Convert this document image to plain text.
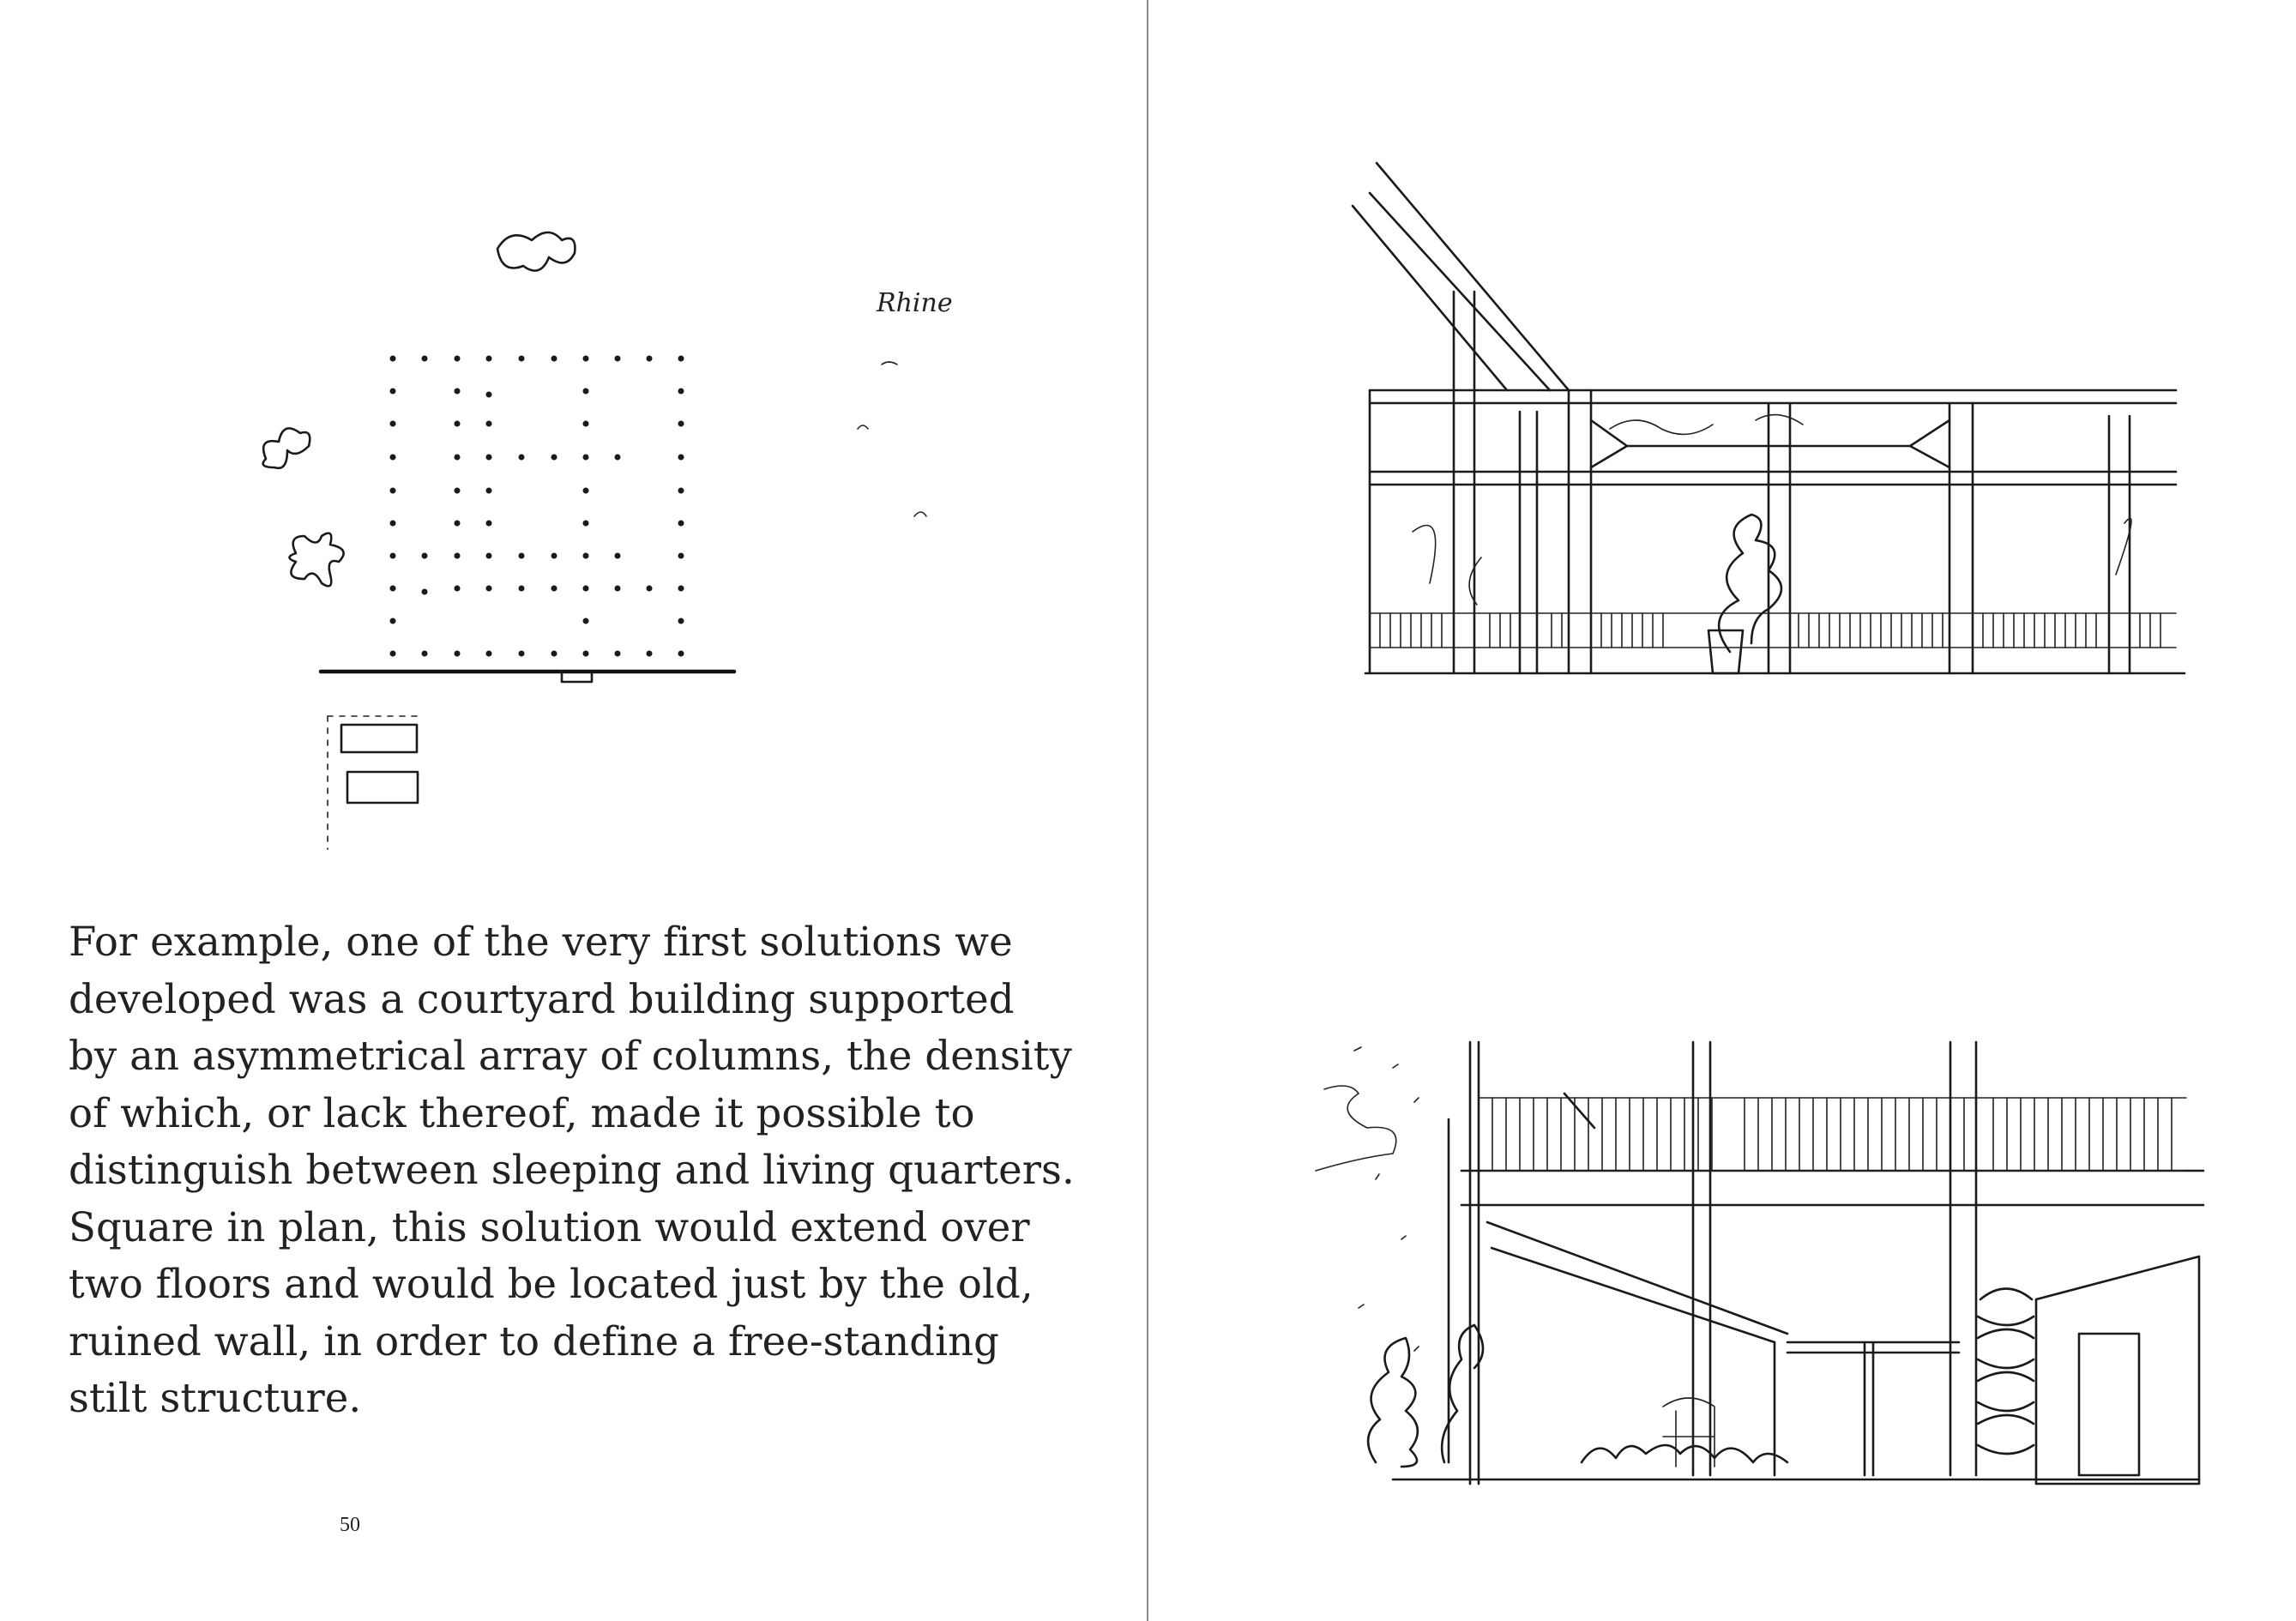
Rhine
For example, one of the very first solutions we
developed was a courtyard building supported
by an asymmetrical array of columns, the density
of which, or lack thereof, made it possible to
distinguish between sleeping and living quarters.
Square in plan, this solution would extend over
two floors and would be located just by the old,
ruined wall, in order to define a free-standing
stilt structure.
50
